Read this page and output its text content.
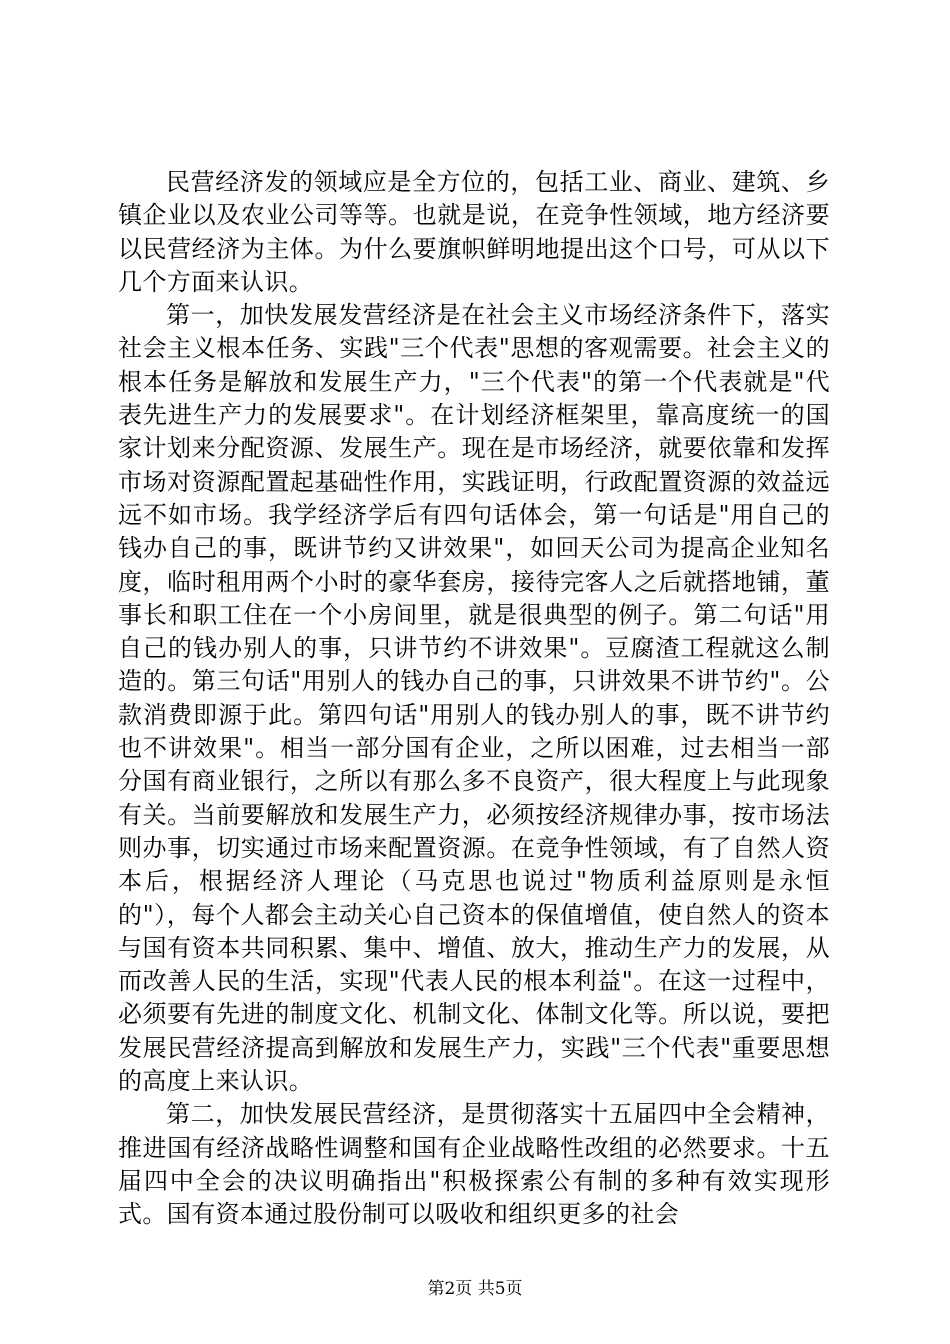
民营经济发的领域应是全方位的，包括工业、商业、建筑、乡镇企业以及农业公司等等。也就是说，在竞争性领域，地方经济要以民营经济为主体。为什么要旗帜鲜明地提出这个口号，可从以下几个方面来认识。

第一，加快发展发营经济是在社会主义市场经济条件下，落实社会主义根本任务、实践"三个代表"思想的客观需要。社会主义的根本任务是解放和发展生产力，"三个代表"的第一个代表就是"代表先进生产力的发展要求"。在计划经济框架里，靠高度统一的国家计划来分配资源、发展生产。现在是市场经济，就要依靠和发挥市场对资源配置起基础性作用，实践证明，行政配置资源的效益远远不如市场。我学经济学后有四句话体会，第一句话是"用自己的钱办自己的事，既讲节约又讲效果"，如回天公司为提高企业知名度，临时租用两个小时的豪华套房，接待完客人之后就搭地铺，董事长和职工住在一个小房间里，就是很典型的例子。第二句话"用自己的钱办别人的事，只讲节约不讲效果"。豆腐渣工程就这么制造的。第三句话"用别人的钱办自己的事，只讲效果不讲节约"。公款消费即源于此。第四句话"用别人的钱办别人的事，既不讲节约也不讲效果"。相当一部分国有企业，之所以困难，过去相当一部分国有商业银行，之所以有那么多不良资产，很大程度上与此现象有关。当前要解放和发展生产力，必须按经济规律办事，按市场法则办事，切实通过市场来配置资源。在竞争性领域，有了自然人资本后，根据经济人理论（马克思也说过"物质利益原则是永恒的"），每个人都会主动关心自己资本的保值增值，使自然人的资本与国有资本共同积累、集中、增值、放大，推动生产力的发展，从而改善人民的生活，实现"代表人民的根本利益"。在这一过程中，必须要有先进的制度文化、机制文化、体制文化等。所以说，要把发展民营经济提高到解放和发展生产力，实践"三个代表"重要思想的高度上来认识。

第二，加快发展民营经济，是贯彻落实十五届四中全会精神，推进国有经济战略性调整和国有企业战略性改组的必然要求。十五届四中全会的决议明确指出"积极探索公有制的多种有效实现形式。国有资本通过股份制可以吸收和组织更多的社会

第2页 共5页
